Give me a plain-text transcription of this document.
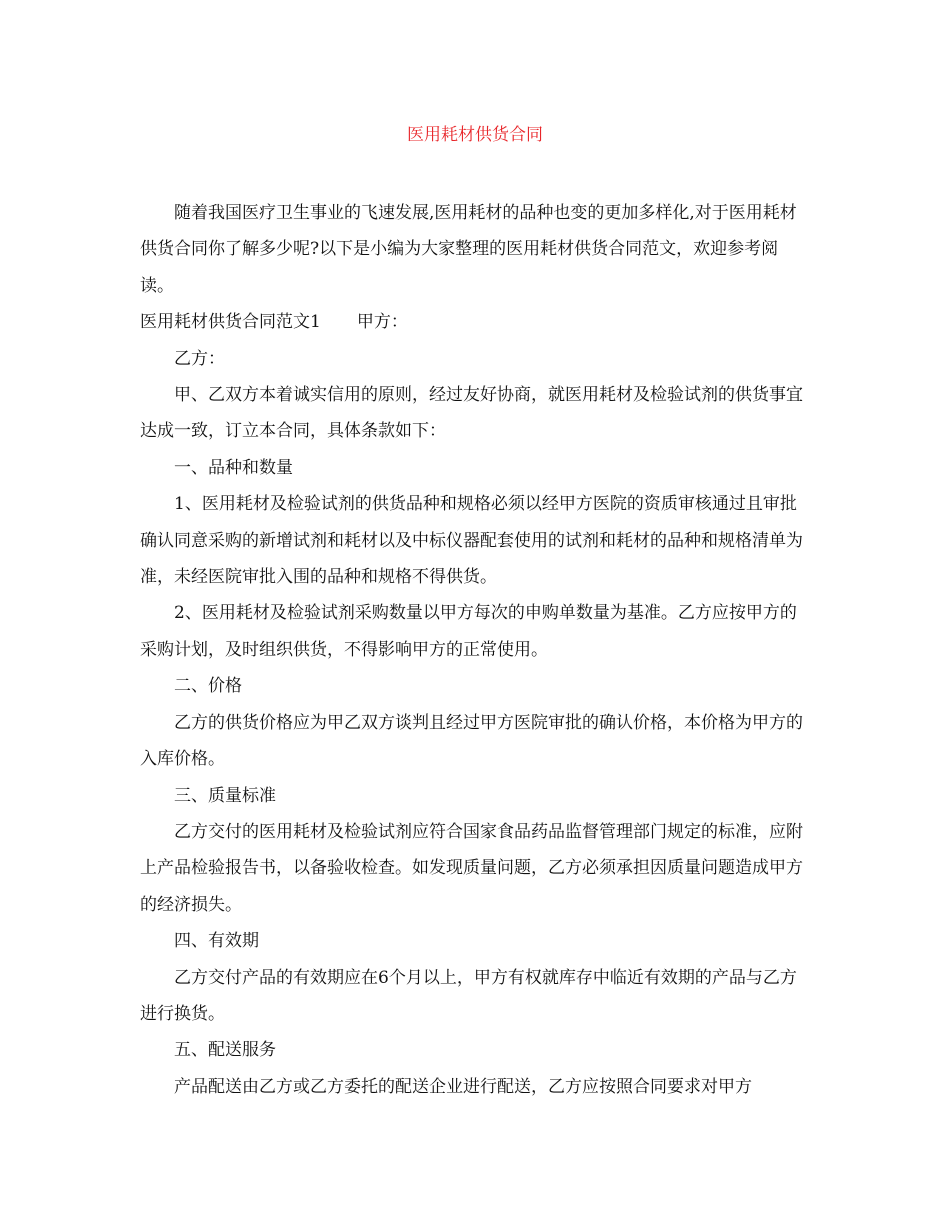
医用耗材供货合同

随着我国医疗卫生事业的飞速发展,医用耗材的品种也变的更加多样化,对于医用耗材供货合同你了解多少呢?以下是小编为大家整理的医用耗材供货合同范文，欢迎参考阅读。

医用耗材供货合同范文1 甲方：

乙方：

甲、乙双方本着诚实信用的原则，经过友好协商，就医用耗材及检验试剂的供货事宜达成一致，订立本合同，具体条款如下：

一、品种和数量

1、医用耗材及检验试剂的供货品种和规格必须以经甲方医院的资质审核通过且审批确认同意采购的新增试剂和耗材以及中标仪器配套使用的试剂和耗材的品种和规格清单为准，未经医院审批入围的品种和规格不得供货。

2、医用耗材及检验试剂采购数量以甲方每次的申购单数量为基准。乙方应按甲方的采购计划，及时组织供货，不得影响甲方的正常使用。

二、价格

乙方的供货价格应为甲乙双方谈判且经过甲方医院审批的确认价格，本价格为甲方的入库价格。

三、质量标准

乙方交付的医用耗材及检验试剂应符合国家食品药品监督管理部门规定的标准，应附上产品检验报告书，以备验收检查。如发现质量问题，乙方必须承担因质量问题造成甲方的经济损失。

四、有效期

乙方交付产品的有效期应在6个月以上，甲方有权就库存中临近有效期的产品与乙方进行换货。

五、配送服务

产品配送由乙方或乙方委托的配送企业进行配送，乙方应按照合同要求对甲方
